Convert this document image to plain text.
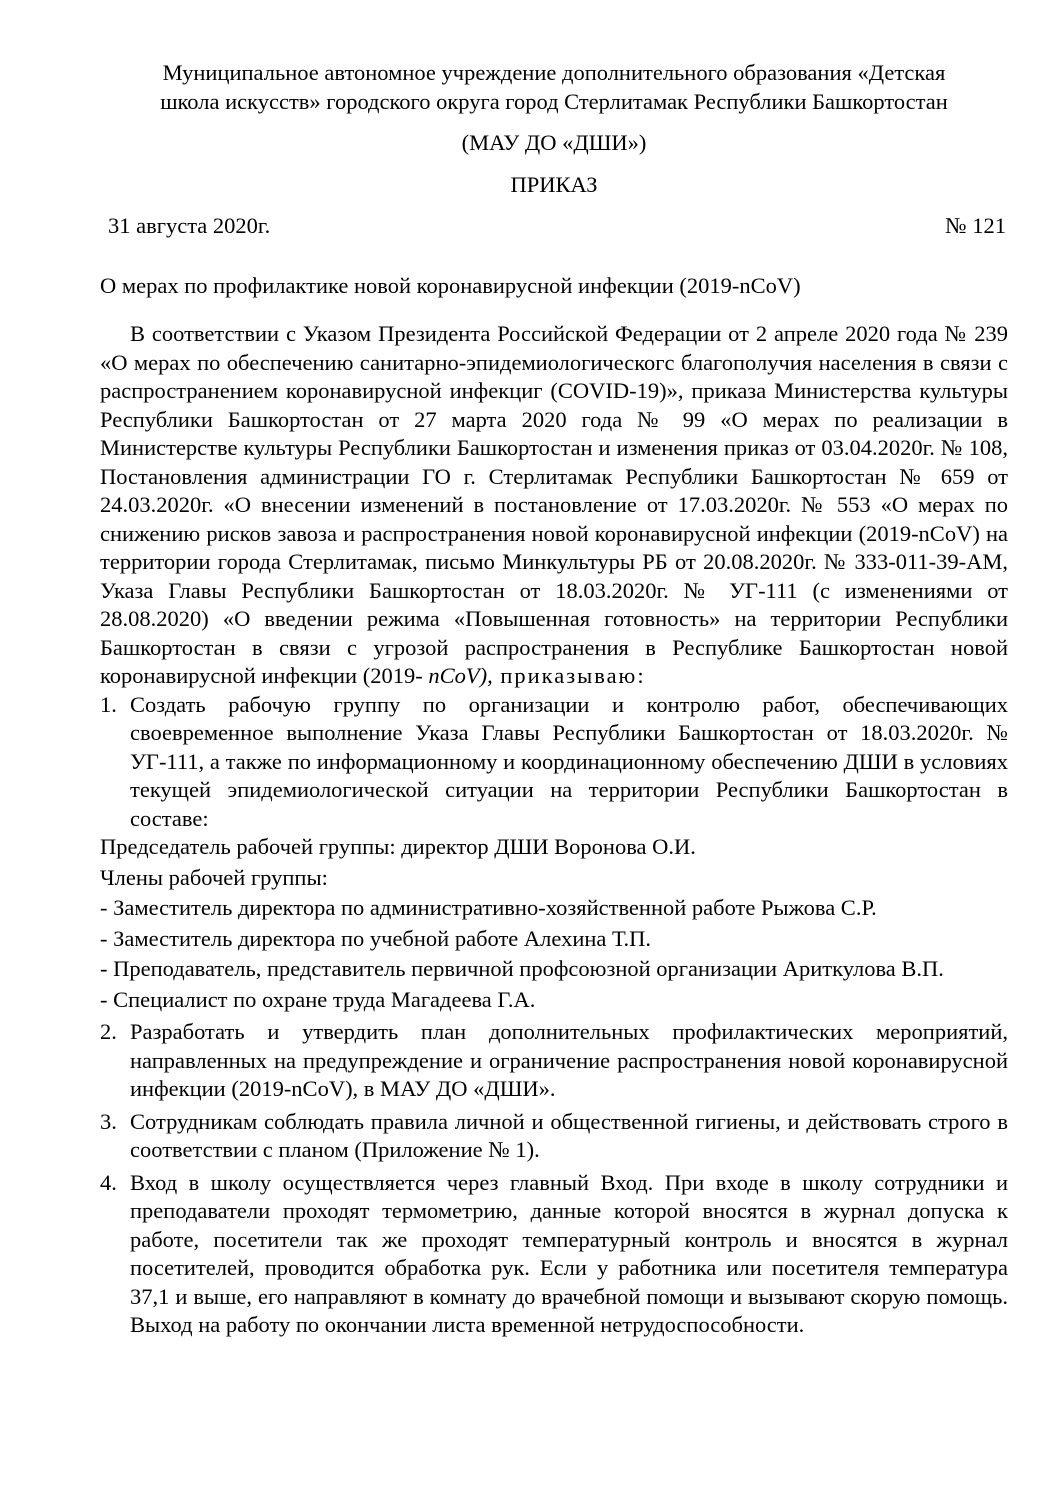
Муниципальное автономное учреждение дополнительного образования «Детская
школа искусств» городского округа город Стерлитамак Республики Башкортостан
(МАУ ДО «ДШИ»)
ПРИКАЗ
31 августа 2020г.	№ 121
О мерах по профилактике новой коронавирусной инфекции (2019-nCoV)
В соответствии с Указом Президента Российской Федерации от 2 апреле 2020 года № 239 «О мерах по обеспечению санитарно-эпидемиологическогс благополучия населения в связи с распространением коронавирусной инфекциг (COVID-19)», приказа Министерства культуры Республики Башкортостан от 27 марта 2020 года № 99 «О мерах по реализации в Министерстве культуры Республики Башкортостан и изменения приказ от 03.04.2020г. № 108, Постановления администрации ГО г. Стерлитамак Республики Башкортостан № 659 от 24.03.2020г. «О внесении изменений в постановление от 17.03.2020г. № 553 «О мерах по снижению рисков завоза и распространения новой коронавирусной инфекции (2019-nCoV) на территории города Стерлитамак, письмо Минкультуры РБ от 20.08.2020г. № 333-011-39-АМ, Указа Главы Республики Башкортостан от 18.03.2020г. № УГ-111 (с изменениями от 28.08.2020) «О введении режима «Повышенная готовность» на территории Республики Башкортостан в связи с угрозой распространения в Республике Башкортостан новой коронавирусной инфекции (2019- nCoV), приказываю:
1. Создать рабочую группу по организации и контролю работ, обеспечивающих своевременное выполнение Указа Главы Республики Башкортостан от 18.03.2020г. № УГ-111, а также по информационному и координационному обеспечению ДШИ в условиях текущей эпидемиологической ситуации на территории Республики Башкортостан в составе:
Председатель рабочей группы: директор ДШИ Воронова О.И.
Члены рабочей группы:
- Заместитель директора по административно-хозяйственной работе Рыжова С.Р.
- Заместитель директора по учебной работе Алехина Т.П.
- Преподаватель, представитель первичной профсоюзной организации Ариткулова В.П.
- Специалист по охране труда Магадеева Г.А.
2. Разработать и утвердить план дополнительных профилактических мероприятий, направленных на предупреждение и ограничение распространения новой коронавирусной инфекции (2019-nCoV), в МАУ ДО «ДШИ».
3. Сотрудникам соблюдать правила личной и общественной гигиены, и действовать строго в соответствии с планом (Приложение № 1).
4. Вход в школу осуществляется через главный Вход. При входе в школу сотрудники и преподаватели проходят термометрию, данные которой вносятся в журнал допуска к работе, посетители так же проходят температурный контроль и вносятся в журнал посетителей, проводится обработка рук. Если у работника или посетителя температура 37,1 и выше, его направляют в комнату до врачебной помощи и вызывают скорую помощь. Выход на работу по окончании листа временной нетрудоспособности.
